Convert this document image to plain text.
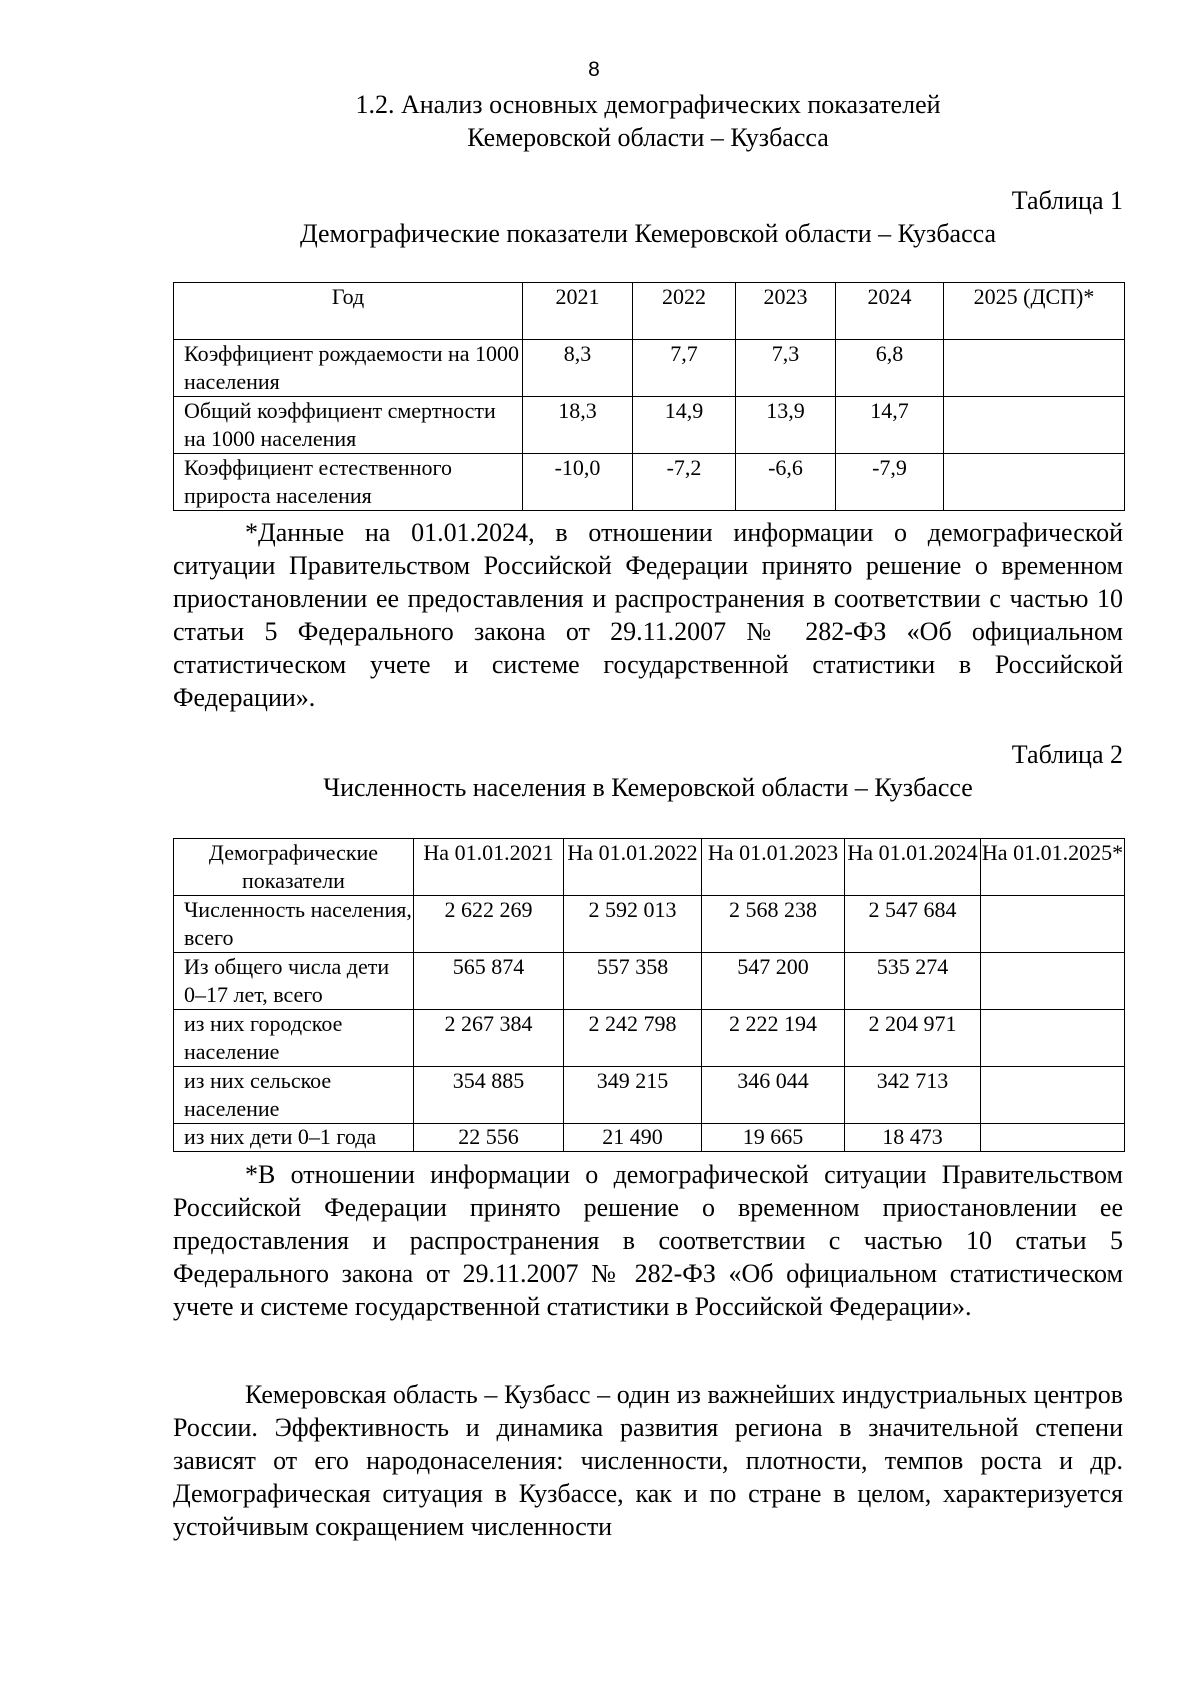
8
1.2. Анализ основных демографических показателей
Кемеровской области – Кузбасса
Таблица 1
Демографические показатели Кемеровской области – Кузбасса
Год	2021	2022	2023	2024	2025 (ДСП)*
Коэффициент рождаемости на 1000 населения	8,3	7,7	7,3	6,8	
Общий коэффициент смертности на 1000 населения	18,3	14,9	13,9	14,7	
Коэффициент естественного прироста населения	-10,0	-7,2	-6,6	-7,9	
*Данные на 01.01.2024, в отношении информации о демографической ситуации Правительством Российской Федерации принято решение о временном приостановлении ее предоставления и распространения в соответствии с частью 10 статьи 5 Федерального закона от 29.11.2007 № 282-ФЗ «Об официальном статистическом учете и системе государственной статистики в Российской Федерации».
Таблица 2
Численность населения в Кемеровской области – Кузбассе
Демографические показатели	На 01.01.2021	На 01.01.2022	На 01.01.2023	На 01.01.2024	На 01.01.2025*
Численность населения, всего	2 622 269	2 592 013	2 568 238	2 547 684	
Из общего числа дети 0–17 лет, всего	565 874	557 358	547 200	535 274	
из них городское население	2 267 384	2 242 798	2 222 194	2 204 971	
из них сельское население	354 885	349 215	346 044	342 713	
из них дети 0–1 года	22 556	21 490	19 665	18 473	
*В отношении информации о демографической ситуации Правительством Российской Федерации принято решение о временном приостановлении ее предоставления и распространения в соответствии с частью 10 статьи 5 Федерального закона от 29.11.2007 № 282-ФЗ «Об официальном статистическом учете и системе государственной статистики в Российской Федерации».
Кемеровская область – Кузбасс – один из важнейших индустриальных центров России. Эффективность и динамика развития региона в значительной степени зависят от его народонаселения: численности, плотности, темпов роста и др. Демографическая ситуация в Кузбассе, как и по стране в целом, характеризуется устойчивым сокращением численности
